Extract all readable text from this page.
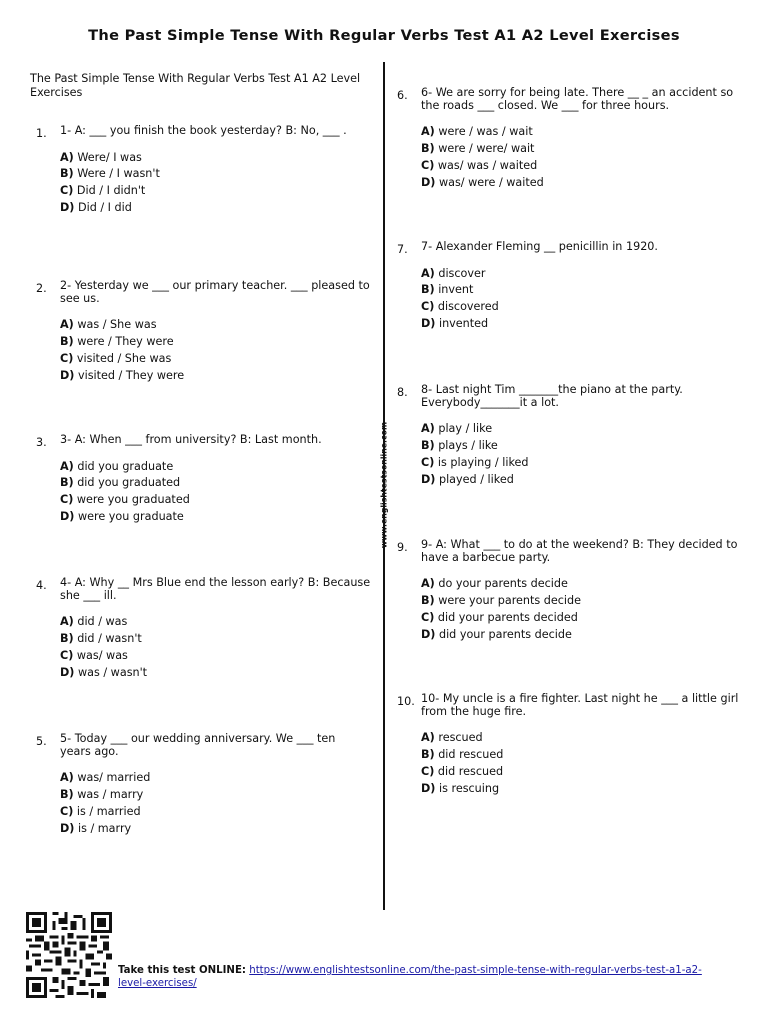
The Past Simple Tense With Regular Verbs Test A1 A2 Level Exercises
The Past Simple Tense With Regular Verbs Test A1 A2 Level Exercises
www.englishtestsonline.com
1.	1- A: ___ you finish the book yesterday? B: No, ___ .
A) Were/ I was
B) Were / I wasn't
C) Did / I didn't
D) Did / I did
2.	2- Yesterday we ___ our primary teacher. ___ pleased to see us.
A) was / She was
B) were / They were
C) visited / She was
D) visited / They were
3.	3- A: When ___ from university? B: Last month.
A) did you graduate
B) did you graduated
C) were you graduated
D) were you graduate
4.	4- A: Why __ Mrs Blue end the lesson early? B: Because she ___ ill.
A) did / was
B) did / wasn't
C) was/ was
D) was / wasn't
5.	5- Today ___ our wedding anniversary. We ___ ten years ago.
A) was/ married
B) was / marry
C) is / married
D) is / marry
6.	6- We are sorry for being late. There __ _ an accident so the roads ___ closed. We ___ for three hours.
A) were / was / wait
B) were / were/ wait
C) was/ was / waited
D) was/ were / waited
7.	7- Alexander Fleming __ penicillin in 1920.
A) discover
B) invent
C) discovered
D) invented
8.	8- Last night Tim _______the piano at the party. Everybody_______it a lot.
A) play / like
B) plays / like
C) is playing / liked
D) played / liked
9.	9- A: What ___ to do at the weekend? B: They decided to have a barbecue party.
A) do your parents decide
B) were your parents decide
C) did your parents decided
D) did your parents decide
10. 10- My uncle is a fire fighter. Last night he ___ a little girl from the huge fire.
A) rescued
B) did rescued
C) did rescued
D) is rescuing
Take this test ONLINE: https://www.englishtestsonline.com/the-past-simple-tense-with-regular-verbs-test-a1-a2-level-exercises/
